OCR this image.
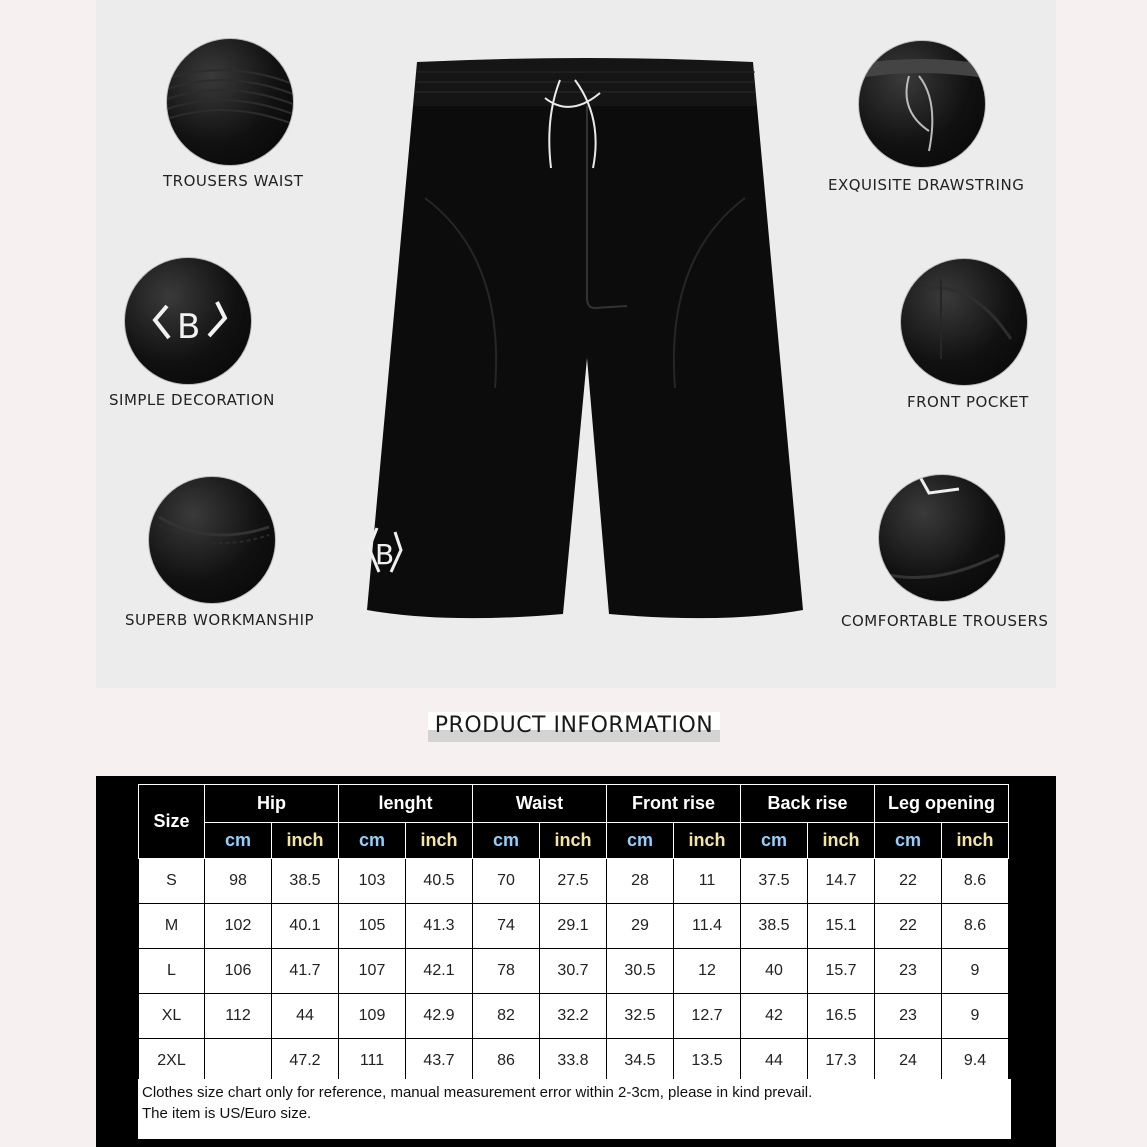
TROUSERS WAIST
B
SIMPLE DECORATION
SUPERB WORKMANSHIP
EXQUISITE DRAWSTRING
FRONT POCKET
COMFORTABLE TROUSERS
B
PRODUCT INFORMATION
Size	Hip		lenght		Waist		Front rise		Back rise		Leg opening	
	cm	inch	cm	inch	cm	inch	cm	inch	cm	inch	cm	inch
S	98	38.5	103	40.5	70	27.5	28	11	37.5	14.7	22	8.6
M	102	40.1	105	41.3	74	29.1	29	11.4	38.5	15.1	22	8.6
L	106	41.7	107	42.1	78	30.7	30.5	12	40	15.7	23	9
XL	112	44	109	42.9	82	32.2	32.5	12.7	42	16.5	23	9
2XL		47.2	111	43.7	86	33.8	34.5	13.5	44	17.3	24	9.4
Clothes size chart only for reference, manual measurement error within 2-3cm, please in kind prevail.
The item is US/Euro size.
